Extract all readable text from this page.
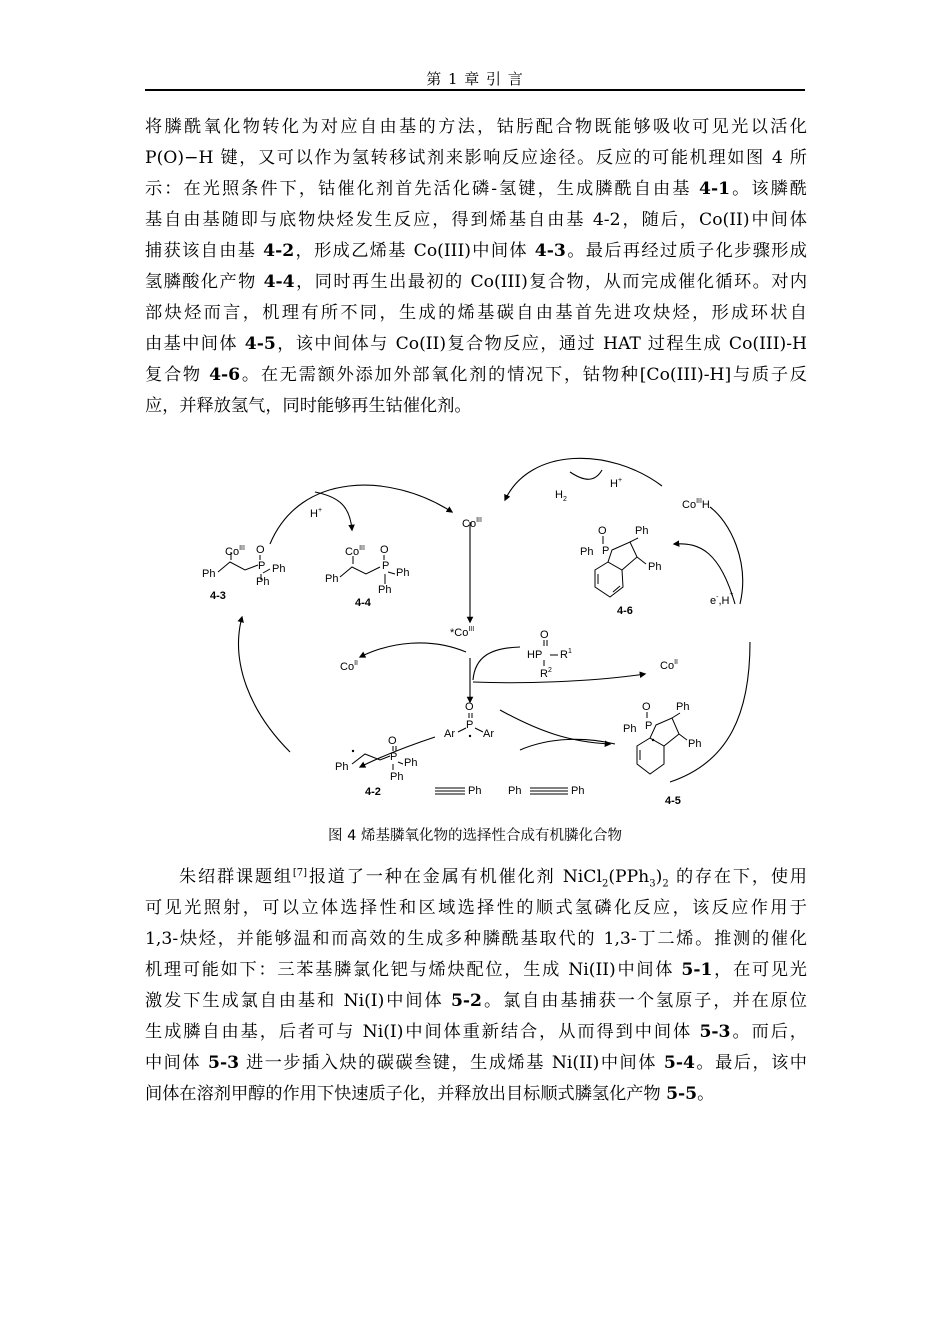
第 1 章 引 言
将膦酰氧化物转化为对应自由基的方法，钴肟配合物既能够吸收可见光以活化
P(O)−H 键，又可以作为氢转移试剂来影响反应途径。反应的可能机理如图 4 所
示：在光照条件下，钴催化剂首先活化磷-氢键，生成膦酰自由基 4-1。该膦酰
基自由基随即与底物炔烃发生反应，得到烯基自由基 4-2，随后，Co(II)中间体
捕获该自由基 4-2，形成乙烯基 Co(III)中间体 4-3。最后再经过质子化步骤形成
氢膦酸化产物 4-4，同时再生出最初的 Co(III)复合物，从而完成催化循环。对内
部炔烃而言，机理有所不同，生成的烯基碳自由基首先进攻炔烃，形成环状自
由基中间体 4-5，该中间体与 Co(II)复合物反应，通过 HAT 过程生成 Co(III)-H
复合物 4-6。在无需额外添加外部氧化剂的情况下，钴物种[Co(III)-H]与质子反
应，并释放氢气，同时能够再生钴催化剂。
$Co^{III}$
H+
H+
$H_2$	$Co^{III}H$
e-,H+
$Co^{II}$	$Co^{II}$
$*Co^{III}$
$Co^{III}$
Ph
O
P Ph
Ph
4-3
$Co^{III}$
Ph
O
P
Ph
Ph
4-4
O
Ph P
Ph
Ph
4-6
O
HP $R^1$
$R^2$
O
P
Ar	Ar
Ph
O
P Ph
Ph
4-2	Ph Ph	Ph
O
Ph P
Ph
Ph
4-5
图 4 烯基膦氧化物的选择性合成有机膦化合物
朱绍群课题组[7]报道了一种在金属有机催化剂 $NiCl_2(PPh_3)_2$ 的存在下，使用
可见光照射，可以立体选择性和区域选择性的顺式氢磷化反应，该反应作用于
1,3-炔烃，并能够温和而高效的生成多种膦酰基取代的 1,3-丁二烯。推测的催化
机理可能如下：三苯基膦氯化钯与烯炔配位，生成 Ni(II)中间体 5-1，在可见光
激发下生成氯自由基和 Ni(I)中间体 5-2。氯自由基捕获一个氢原子，并在原位
生成膦自由基，后者可与 Ni(I)中间体重新结合，从而得到中间体 5-3。而后，
中间体 5-3 进一步插入炔的碳碳叁键，生成烯基 Ni(II)中间体 5-4。最后，该中
间体在溶剂甲醇的作用下快速质子化，并释放出目标顺式膦氢化产物 5-5。
